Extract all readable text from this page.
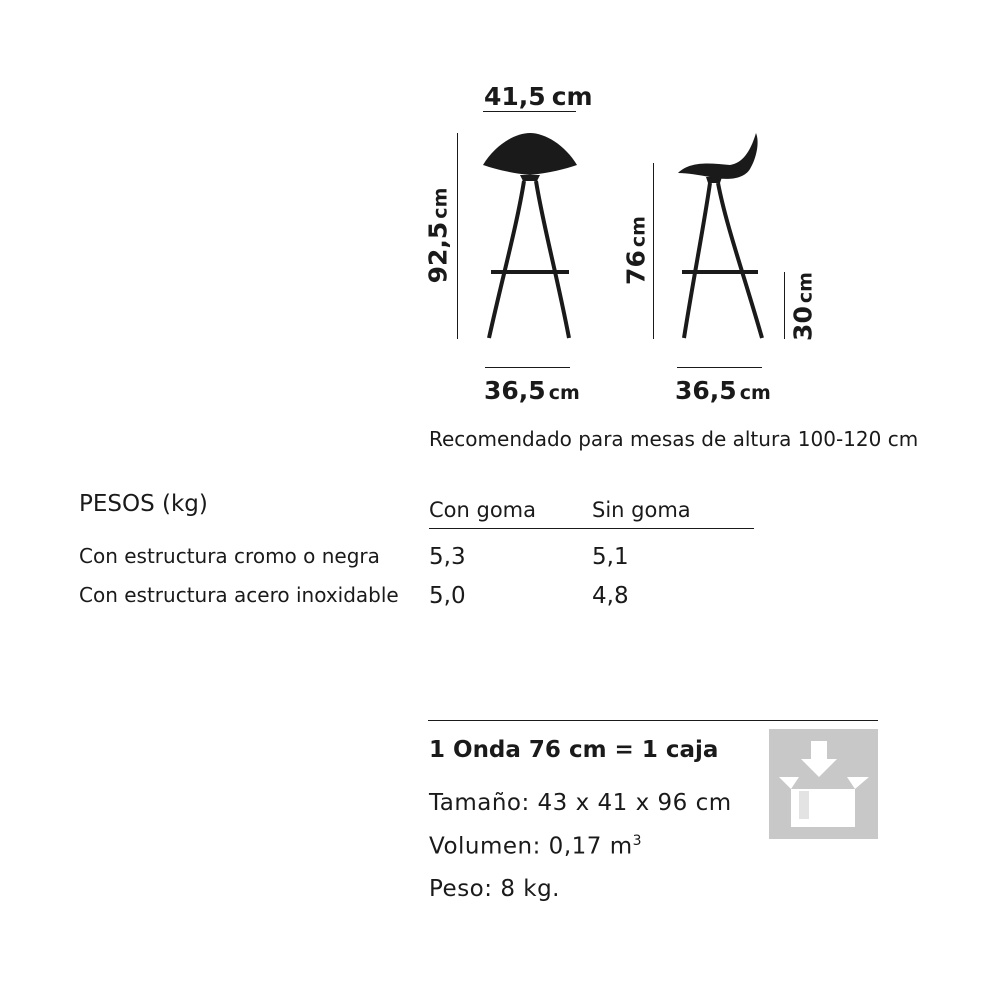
41,5 cm
92,5cm
36,5 cm
76cm
30cm
36,5 cm
Recomendado para mesas de altura 100-120 cm
PESOS (kg)	Con goma	Sin goma
Con estructura cromo o negra 5,3	5,1
Con estructura acero inoxidable 5,0	4,8
1 Onda 76 cm = 1 caja
Tamaño: 43 x 41 x 96 cm
Volumen: 0,17 $m^3$
Peso: 8 kg.
